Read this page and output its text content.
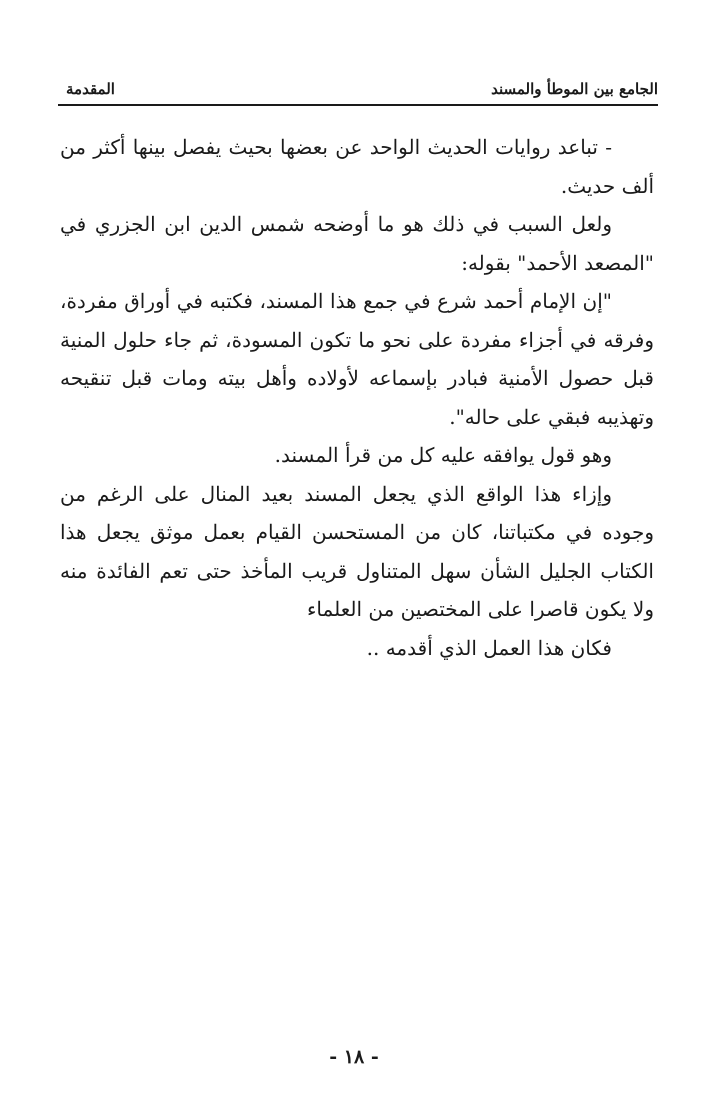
الجامع بين الموطأ والمسند
المقدمة

- تباعد روايات الحديث الواحد عن بعضها بحيث يفصل بينها أكثر من ألف حديث.

ولعل السبب في ذلك هو ما أوضحه شمس الدين ابن الجزري في "المصعد الأحمد" بقوله:

"إن الإمام أحمد شرع في جمع هذا المسند، فكتبه في أوراق مفردة، وفرقه في أجزاء مفردة على نحو ما تكون المسودة، ثم جاء حلول المنية قبل حصول الأمنية فبادر بإسماعه لأولاده وأهل بيته ومات قبل تنقيحه وتهذيبه فبقي على حاله".

وهو قول يوافقه عليه كل من قرأ المسند.

وإزاء هذا الواقع الذي يجعل المسند بعيد المنال على الرغم من وجوده في مكتباتنا، كان من المستحسن القيام بعمل موثق يجعل هذا الكتاب الجليل الشأن سهل المتناول قريب المأخذ حتى تعم الفائدة منه ولا يكون قاصرا على المختصين من العلماء

فكان هذا العمل الذي أقدمه ..

- ١٨ -
